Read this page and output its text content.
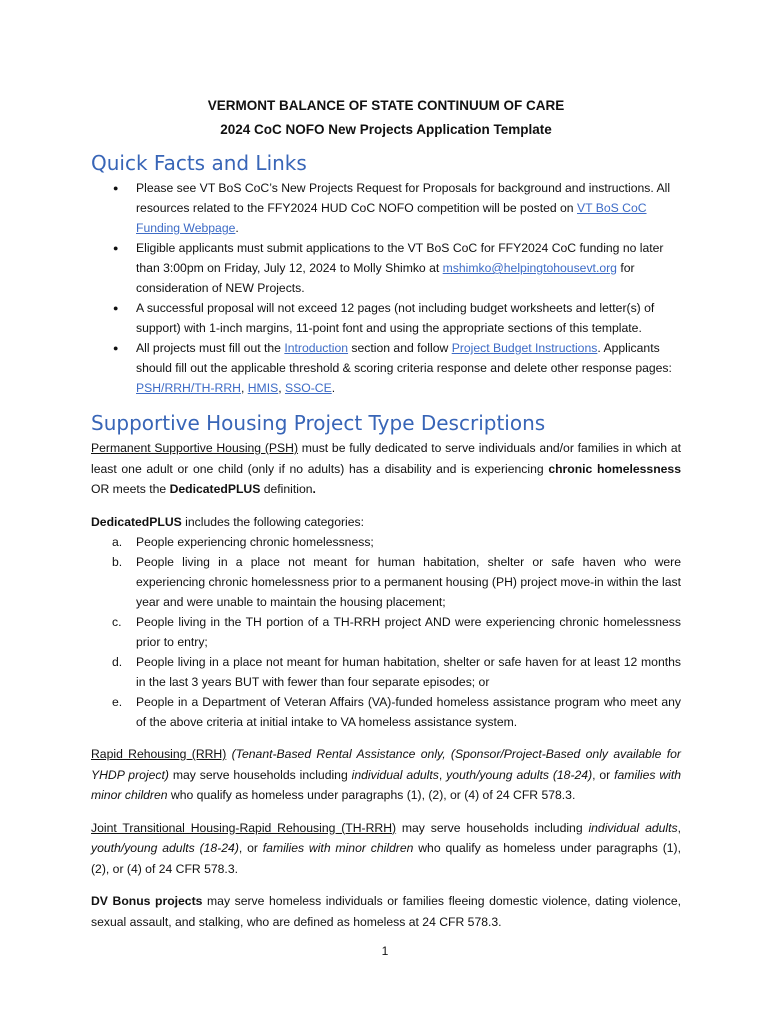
VERMONT BALANCE OF STATE CONTINUUM OF CARE

2024 CoC NOFO New Projects Application Template

Quick Facts and Links
● Please see VT BoS CoC’s New Projects Request for Proposals for background and instructions. All resources related to the FFY2024 HUD CoC NOFO competition will be posted on VT BoS CoC Funding Webpage.
● Eligible applicants must submit applications to the VT BoS CoC for FFY2024 CoC funding no later than 3:00pm on Friday, July 12, 2024 to Molly Shimko at mshimko@helpingtohousevt.org for consideration of NEW Projects.
● A successful proposal will not exceed 12 pages (not including budget worksheets and letter(s) of support) with 1-inch margins, 11-point font and using the appropriate sections of this template.
● All projects must fill out the Introduction section and follow Project Budget Instructions. Applicants should fill out the applicable threshold & scoring criteria response and delete other response pages: PSH/RRH/TH-RRH, HMIS, SSO-CE.
Supportive Housing Project Type Descriptions

Permanent Supportive Housing (PSH) must be fully dedicated to serve individuals and/or families in which at least one adult or one child (only if no adults) has a disability and is experiencing chronic homelessness OR meets the DedicatedPLUS definition.

DedicatedPLUS includes the following categories:

a. People experiencing chronic homelessness;
b. People living in a place not meant for human habitation, shelter or safe haven who were experiencing chronic homelessness prior to a permanent housing (PH) project move-in within the last year and were unable to maintain the housing placement;
c. People living in the TH portion of a TH-RRH project AND were experiencing chronic homelessness prior to entry;
d. People living in a place not meant for human habitation, shelter or safe haven for at least 12 months in the last 3 years BUT with fewer than four separate episodes; or
e. People in a Department of Veteran Affairs (VA)-funded homeless assistance program who meet any of the above criteria at initial intake to VA homeless assistance system.

Rapid Rehousing (RRH) (Tenant-Based Rental Assistance only, (Sponsor/Project-Based only available for YHDP project) may serve households including individual adults, youth/young adults (18-24), or families with minor children who qualify as homeless under paragraphs (1), (2), or (4) of 24 CFR 578.3.

Joint Transitional Housing-Rapid Rehousing (TH-RRH) may serve households including individual adults, youth/young adults (18-24), or families with minor children who qualify as homeless under paragraphs (1), (2), or (4) of 24 CFR 578.3.

DV Bonus projects may serve homeless individuals or families fleeing domestic violence, dating violence, sexual assault, and stalking, who are defined as homeless at 24 CFR 578.3.

1
